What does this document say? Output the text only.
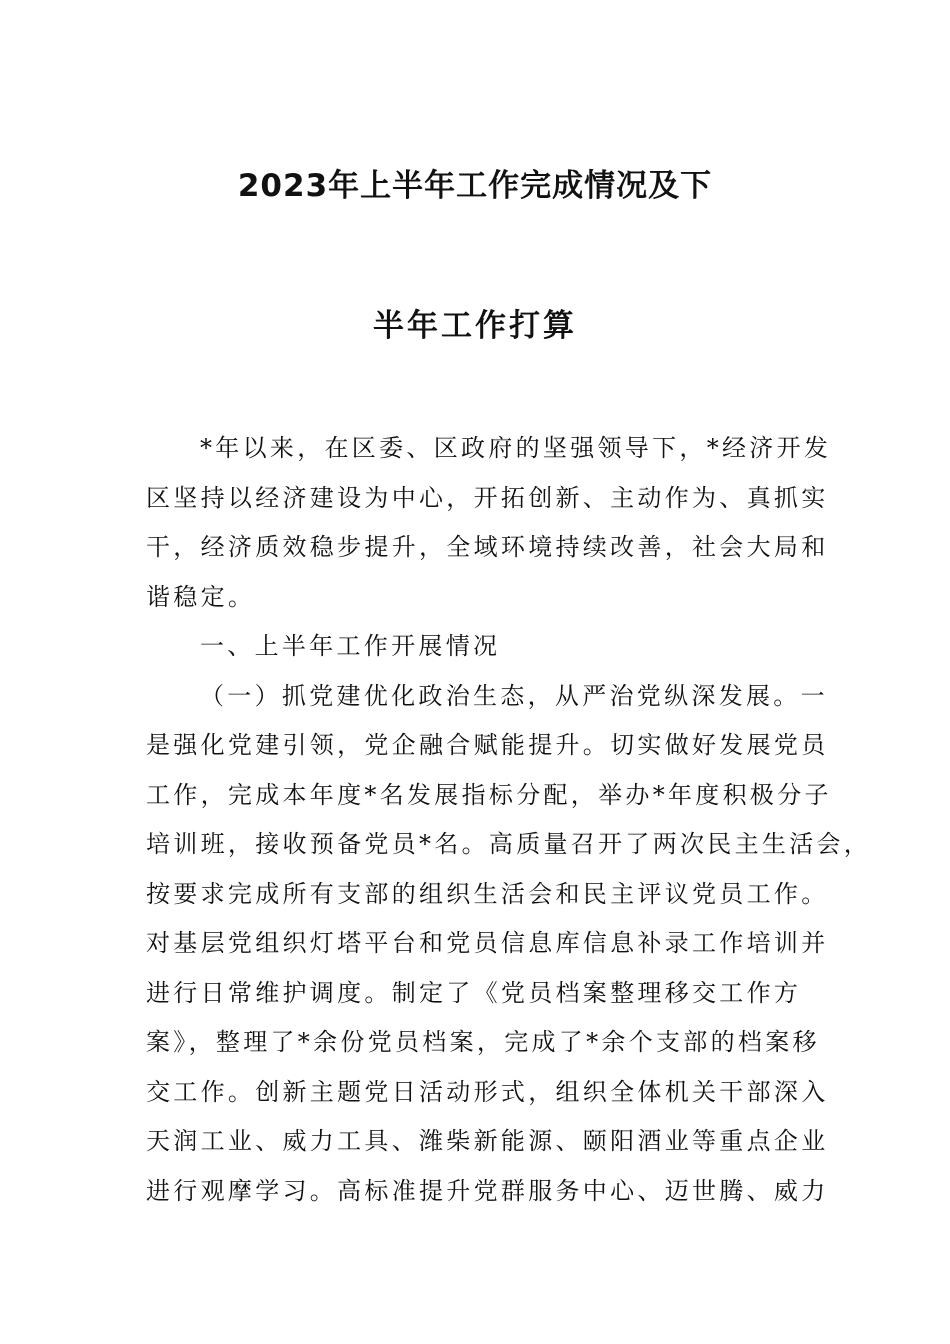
2023年上半年工作完成情况及下
半年工作打算
*年以来，在区委、区政府的坚强领导下，*经济开发
区坚持以经济建设为中心，开拓创新、主动作为、真抓实
干，经济质效稳步提升，全域环境持续改善，社会大局和
谐稳定。
一、上半年工作开展情况
（一）抓党建优化政治生态，从严治党纵深发展。一
是强化党建引领，党企融合赋能提升。切实做好发展党员
工作，完成本年度*名发展指标分配，举办*年度积极分子
培训班，接收预备党员*名。高质量召开了两次民主生活会，
按要求完成所有支部的组织生活会和民主评议党员工作。
对基层党组织灯塔平台和党员信息库信息补录工作培训并
进行日常维护调度。制定了《党员档案整理移交工作方
案》，整理了*余份党员档案，完成了*余个支部的档案移
交工作。创新主题党日活动形式，组织全体机关干部深入
天润工业、威力工具、潍柴新能源、颐阳酒业等重点企业
进行观摩学习。高标准提升党群服务中心、迈世腾、威力
